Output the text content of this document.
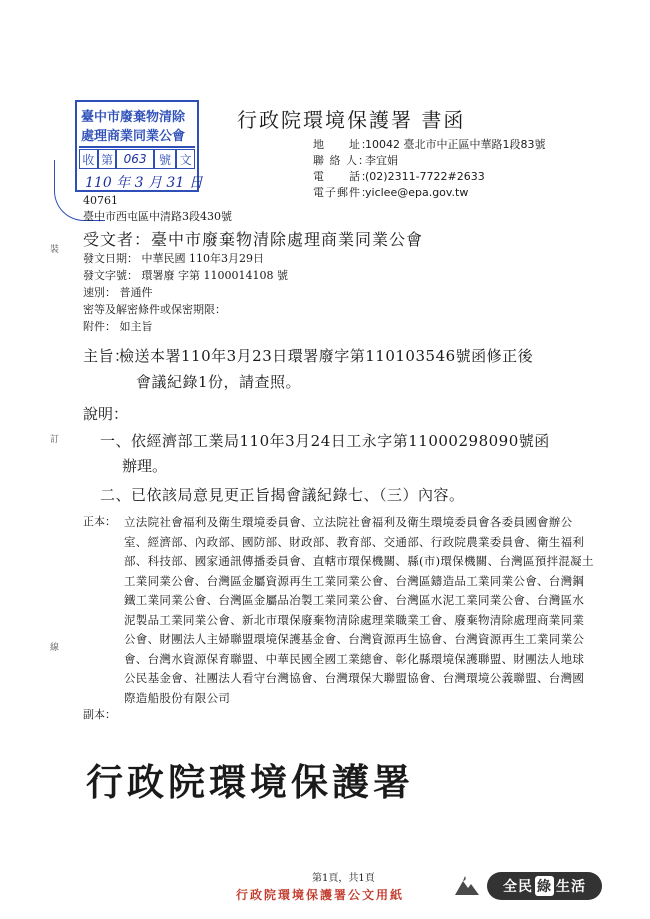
臺中市廢棄物清除
處理商業同業公會
收 第 063	號 文
110 年 3 月 31 日
行政院環境保護署 書函
地　　址：10042 臺北市中正區中華路1段83號
聯 絡 人：李宜娟
電　　話：(02)2311-7722#2633
電子郵件：yiclee@epa.gov.tw
40761
臺中市西屯區中清路3段430號
受文者：臺中市廢棄物清除處理商業同業公會
發文日期： 中華民國 110年3月29日
發文字號： 環署廢 字第 1100014108 號
速別： 普通件
密等及解密條件或保密期限：
附件： 如主旨
裝
訂
線
主旨：檢送本署110年3月23日環署廢字第110103546號函修正後
會議紀錄1份，請查照。
說明：
一、依經濟部工業局110年3月24日工永字第11000298090號函
辦理。
二、已依該局意見更正旨揭會議紀錄七、（三）內容。
正本： 立法院社會福利及衛生環境委員會、立法院社會福利及衛生環境委員會各委員國會辦公室、經濟部、內政部、國防部、財政部、教育部、交通部、行政院農業委員會、衛生福利部、科技部、國家通訊傳播委員會、直轄市環保機關、縣(市)環保機關、台灣區預拌混凝土工業同業公會、台灣區金屬資源再生工業同業公會、台灣區鑄造品工業同業公會、台灣鋼鐵工業同業公會、台灣區金屬品冶製工業同業公會、台灣區水泥工業同業公會、台灣區水泥製品工業同業公會、新北市環保廢棄物清除處理業職業工會、廢棄物清除處理商業同業公會、財團法人主婦聯盟環境保護基金會、台灣資源再生協會、台灣資源再生工業同業公會、台灣水資源保育聯盟、中華民國全國工業總會、彰化縣環境保護聯盟、財團法人地球公民基金會、社團法人看守台灣協會、台灣環保大聯盟協會、台灣環境公義聯盟、台灣國際造船股份有限公司
副本：
行政院環境保護署
第1頁，共1頁
行政院環境保護署公文用紙	全民 綠 生活
